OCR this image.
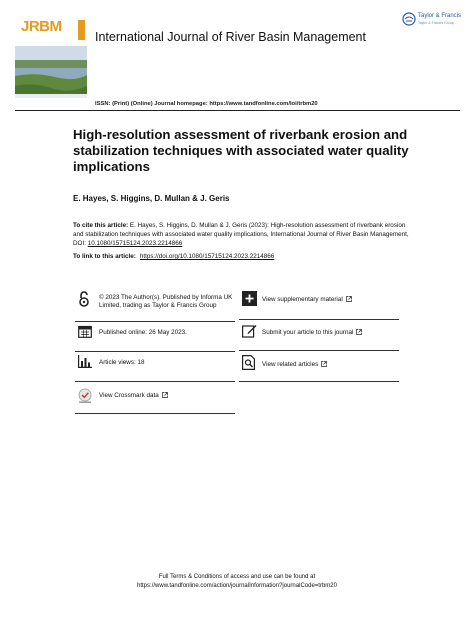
JRBM
International Journal of River Basin Management
Taylor & Francis
Taylor & Francis Group
ISSN: (Print) (Online) Journal homepage: https://www.tandfonline.com/loi/trbm20
High-resolution assessment of riverbank erosion and stabilization techniques with associated water quality implications
E. Hayes, S. Higgins, D. Mullan & J. Geris
To cite this article: E. Hayes, S. Higgins, D. Mullan & J. Geris (2023): High-resolution assessment of riverbank erosion and stabilization techniques with associated water quality implications, International Journal of River Basin Management, DOI: 10.1080/15715124.2023.2214866
To link to this article: https://doi.org/10.1080/15715124.2023.2214866
© 2023 The Author(s). Published by Informa UK Limited, trading as Taylor & Francis Group
Published online: 26 May 2023.
Article views: 18
View Crossmark data
View supplementary material
Submit your article to this journal
View related articles
Full Terms & Conditions of access and use can be found at
https://www.tandfonline.com/action/journalInformation?journalCode=trbm20
